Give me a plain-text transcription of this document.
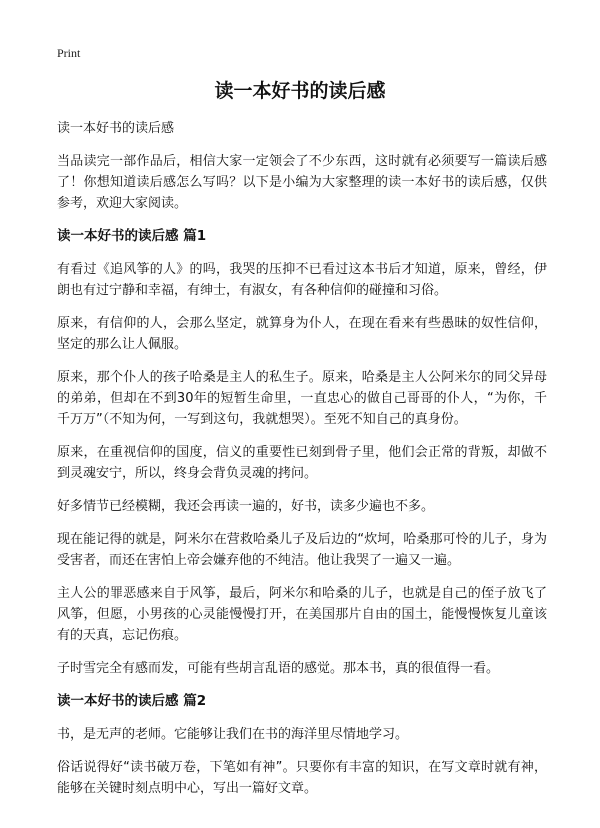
Print
读一本好书的读后感

读一本好书的读后感

当品读完一部作品后，相信大家一定领会了不少东西，这时就有必须要写一篇读后感了！你想知道读后感怎么写吗？以下是小编为大家整理的读一本好书的读后感，仅供参考，欢迎大家阅读。

读一本好书的读后感 篇1

有看过《追风筝的人》的吗，我哭的压抑不已看过这本书后才知道，原来，曾经，伊朗也有过宁静和幸福，有绅士，有淑女，有各种信仰的碰撞和习俗。

原来，有信仰的人，会那么坚定，就算身为仆人，在现在看来有些愚昧的奴性信仰，坚定的那么让人佩服。

原来，那个仆人的孩子哈桑是主人的私生子。原来，哈桑是主人公阿米尔的同父异母的弟弟，但却在不到30年的短暂生命里，一直忠心的做自己哥哥的仆人，“为你，千千万万”（不知为何，一写到这句，我就想哭）。至死不知自己的真身份。

原来，在重视信仰的国度，信义的重要性已刻到骨子里，他们会正常的背叛，却做不到灵魂安宁，所以，终身会背负灵魂的拷问。

好多情节已经模糊，我还会再读一遍的，好书，读多少遍也不多。

现在能记得的就是，阿米尔在营救哈桑儿子及后边的“炊坷，哈桑那可怜的儿子，身为受害者，而还在害怕上帝会嫌弃他的不纯洁。他让我哭了一遍又一遍。

主人公的罪恶感来自于风筝，最后，阿米尔和哈桑的儿子，也就是自己的侄子放飞了风筝，但愿，小男孩的心灵能慢慢打开，在美国那片自由的国土，能慢慢恢复儿童该有的天真，忘记伤痕。

子时雪完全有感而发，可能有些胡言乱语的感觉。那本书，真的很值得一看。

读一本好书的读后感 篇2

书，是无声的老师。它能够让我们在书的海洋里尽情地学习。

俗话说得好“读书破万卷，下笔如有神”。只要你有丰富的知识，在写文章时就有神，能够在关键时刻点明中心，写出一篇好文章。
